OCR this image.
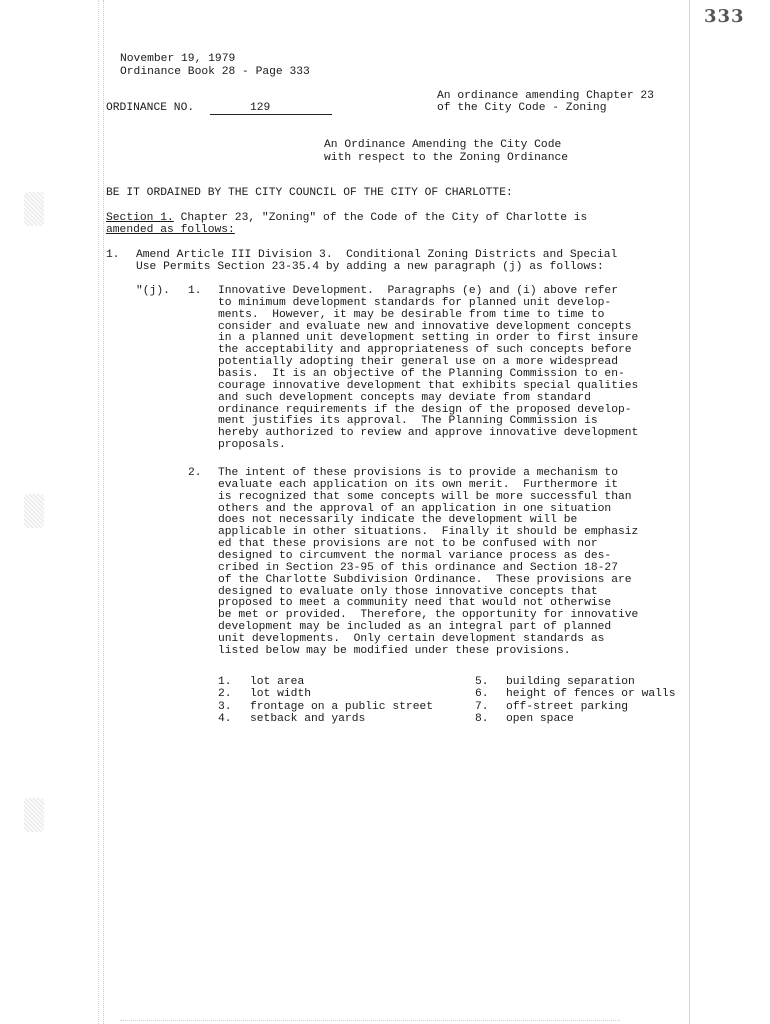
333
November 19, 1979
Ordinance Book 28 - Page 333
An ordinance amending Chapter 23
of the City Code - Zoning
ORDINANCE NO.	129
An Ordinance Amending the City Code
with respect to the Zoning Ordinance
BE IT ORDAINED BY THE CITY COUNCIL OF THE CITY OF CHARLOTTE:
Section 1. Chapter 23, "Zoning" of the Code of the City of Charlotte is
amended as follows:
1. Amend Article III Division 3.  Conditional Zoning Districts and Special
Use Permits Section 23-35.4 by adding a new paragraph (j) as follows:
"(j). 1. Innovative Development.  Paragraphs (e) and (i) above refer
to minimum development standards for planned unit develop-
ments.  However, it may be desirable from time to time to
consider and evaluate new and innovative development concepts
in a planned unit development setting in order to first insure
the acceptability and appropriateness of such concepts before
potentially adopting their general use on a more widespread
basis.  It is an objective of the Planning Commission to en-
courage innovative development that exhibits special qualities
and such development concepts may deviate from standard
ordinance requirements if the design of the proposed develop-
ment justifies its approval.  The Planning Commission is
hereby authorized to review and approve innovative development
proposals.
2. The intent of these provisions is to provide a mechanism to
evaluate each application on its own merit.  Furthermore it
is recognized that some concepts will be more successful than
others and the approval of an application in one situation
does not necessarily indicate the development will be
applicable in other situations.  Finally it should be emphasiz
ed that these provisions are not to be confused with nor
designed to circumvent the normal variance process as des-
cribed in Section 23-95 of this ordinance and Section 18-27
of the Charlotte Subdivision Ordinance.  These provisions are
designed to evaluate only those innovative concepts that
proposed to meet a community need that would not otherwise
be met or provided.  Therefore, the opportunity for innovative
development may be included as an integral part of planned
unit developments.  Only certain development standards as
listed below may be modified under these provisions.
1. lot area
2. lot width
3. frontage on a public street
4. setback and yards
5. building separation
6. height of fences or walls
7. off-street parking
8. open space
